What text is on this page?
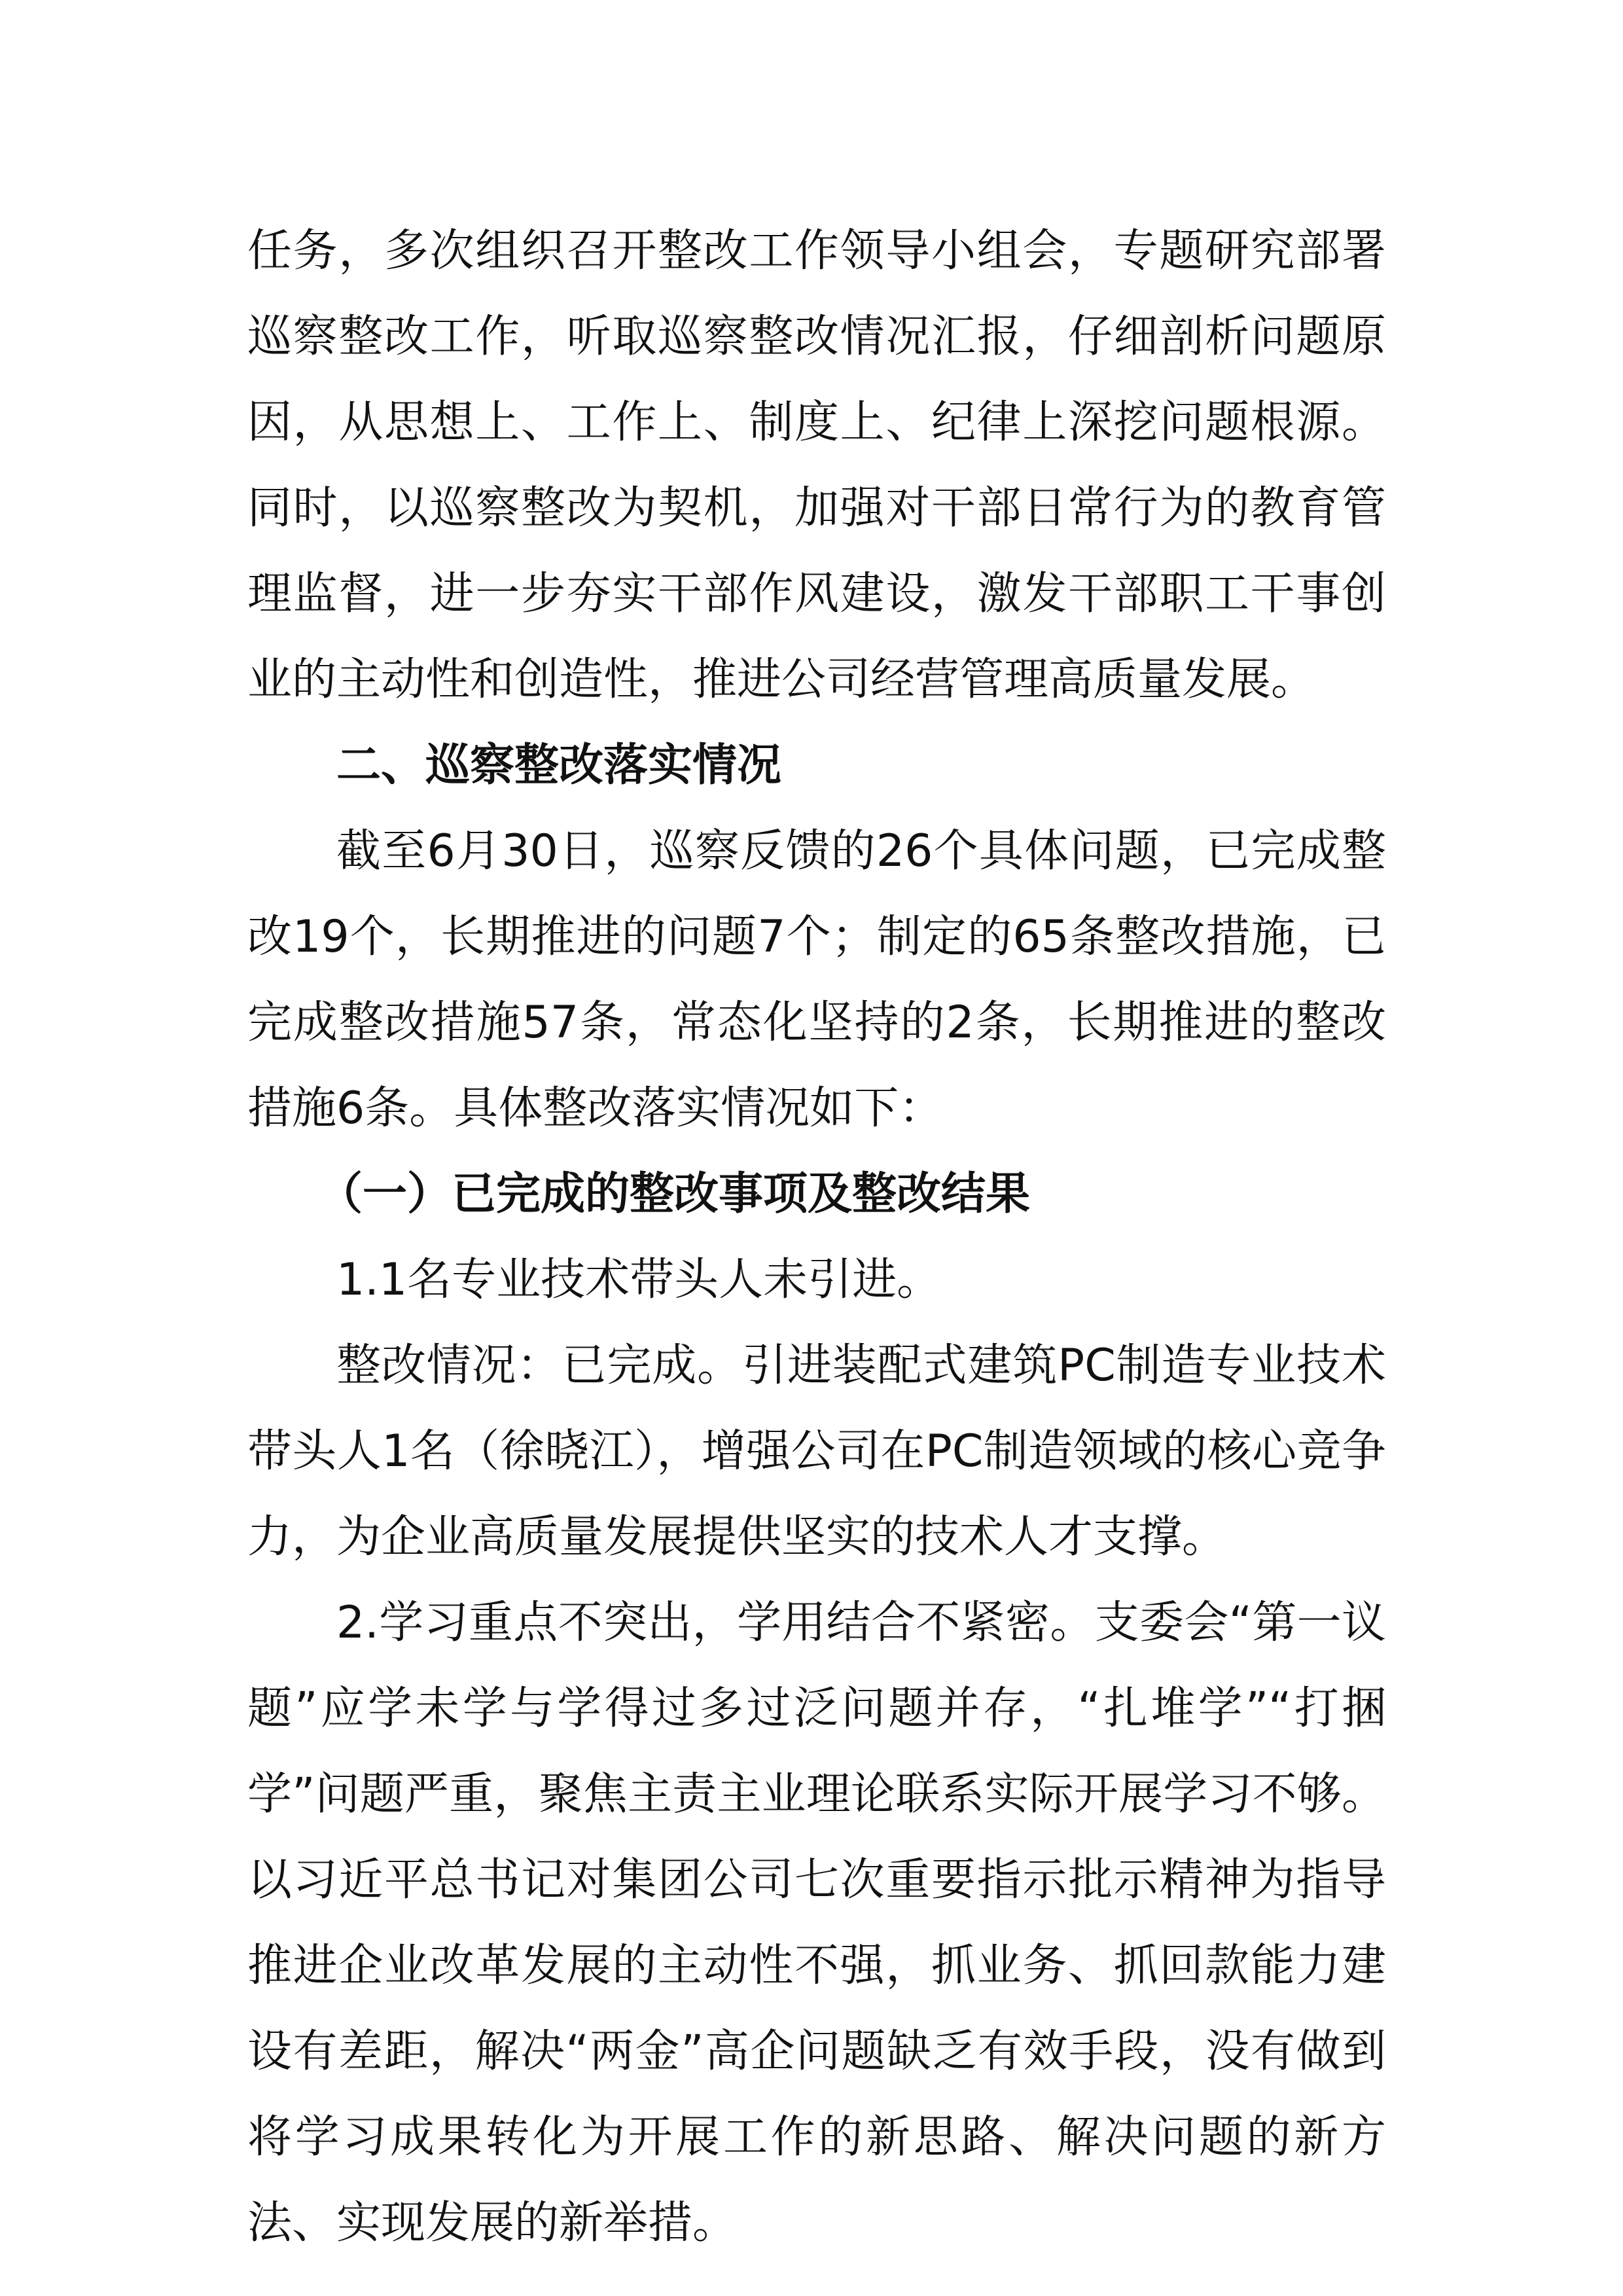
任务，多次组织召开整改工作领导小组会，专题研究部署巡察整改工作，听取巡察整改情况汇报，仔细剖析问题原因，从思想上、工作上、制度上、纪律上深挖问题根源。同时，以巡察整改为契机，加强对干部日常行为的教育管理监督，进一步夯实干部作风建设，激发干部职工干事创业的主动性和创造性，推进公司经营管理高质量发展。

二、巡察整改落实情况

截至6月30日，巡察反馈的26个具体问题，已完成整改19个，长期推进的问题7个；制定的65条整改措施，已完成整改措施57条，常态化坚持的2条，长期推进的整改措施6条。具体整改落实情况如下：

（一）已完成的整改事项及整改结果

1.1名专业技术带头人未引进。

整改情况：已完成。引进装配式建筑PC制造专业技术带头人1名（徐晓江），增强公司在PC制造领域的核心竞争力，为企业高质量发展提供坚实的技术人才支撑。

2.学习重点不突出，学用结合不紧密。支委会“第一议题”应学未学与学得过多过泛问题并存，“扎堆学”“打捆学”问题严重，聚焦主责主业理论联系实际开展学习不够。以习近平总书记对集团公司七次重要指示批示精神为指导推进企业改革发展的主动性不强，抓业务、抓回款能力建设有差距，解决“两金”高企问题缺乏有效手段，没有做到将学习成果转化为开展工作的新思路、解决问题的新方法、实现发展的新举措。
